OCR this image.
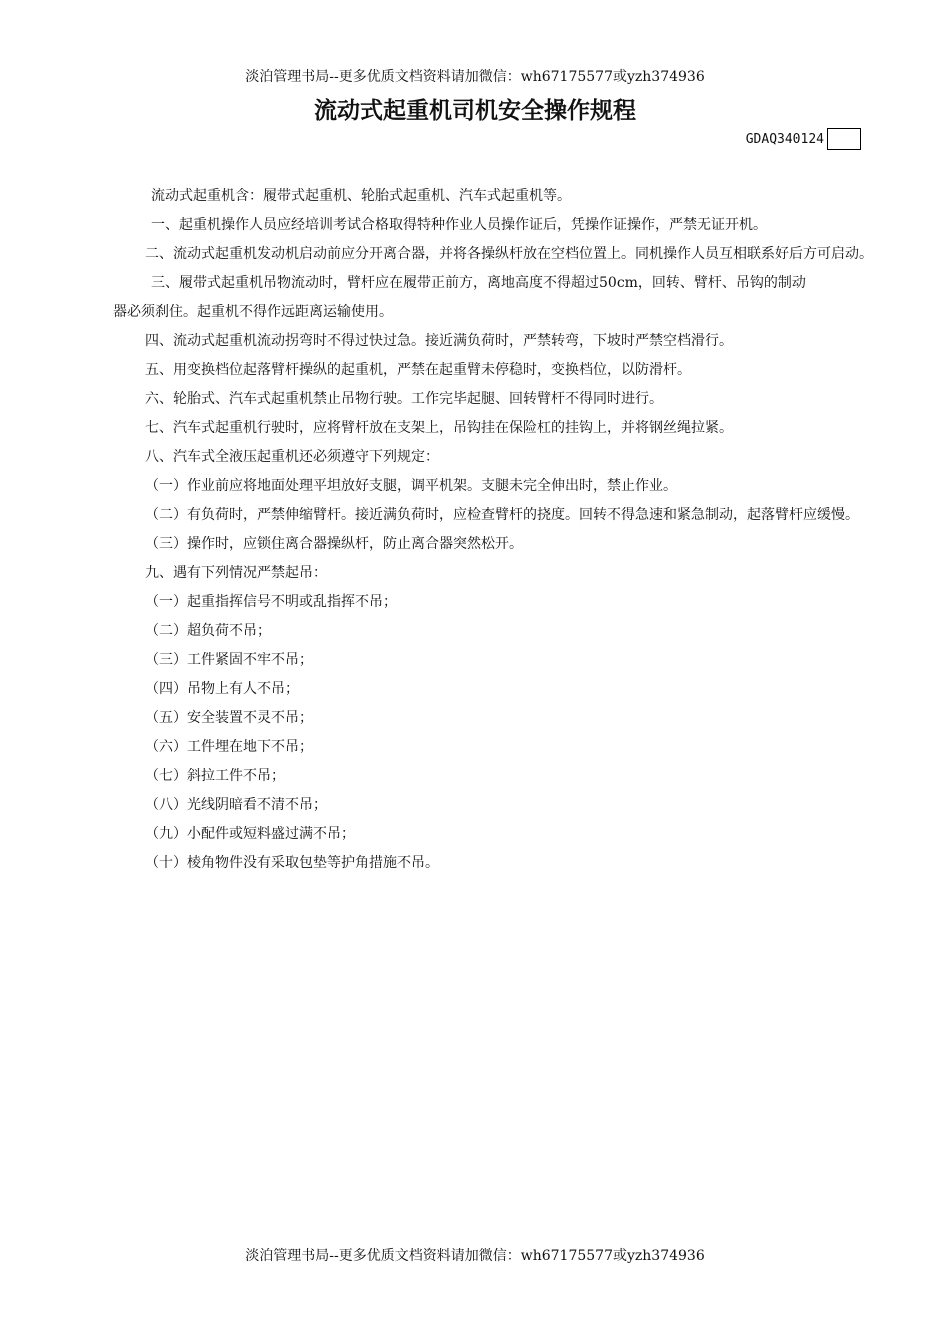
淡泊管理书局--更多优质文档资料请加微信：wh67175577或yzh374936
流动式起重机司机安全操作规程
GDAQ340124

流动式起重机含：履带式起重机、轮胎式起重机、汽车式起重机等。

一、起重机操作人员应经培训考试合格取得特种作业人员操作证后，凭操作证操作，严禁无证开机。

二、流动式起重机发动机启动前应分开离合器，并将各操纵杆放在空档位置上。同机操作人员互相联系好后方可启动。

三、履带式起重机吊物流动时，臂杆应在履带正前方，离地高度不得超过50cm，回转、臂杆、吊钩的制动

器必须刹住。起重机不得作远距离运输使用。

四、流动式起重机流动拐弯时不得过快过急。接近满负荷时，严禁转弯，下坡时严禁空档滑行。

五、用变换档位起落臂杆操纵的起重机，严禁在起重臂未停稳时，变换档位，以防滑杆。

六、轮胎式、汽车式起重机禁止吊物行驶。工作完毕起腿、回转臂杆不得同时进行。

七、汽车式起重机行驶时，应将臂杆放在支架上，吊钩挂在保险杠的挂钩上，并将钢丝绳拉紧。

八、汽车式全液压起重机还必须遵守下列规定：

（一）作业前应将地面处理平坦放好支腿，调平机架。支腿未完全伸出时，禁止作业。

（二）有负荷时，严禁伸缩臂杆。接近满负荷时，应检查臂杆的挠度。回转不得急速和紧急制动，起落臂杆应缓慢。

（三）操作时，应锁住离合器操纵杆，防止离合器突然松开。

九、遇有下列情况严禁起吊：

（一）起重指挥信号不明或乱指挥不吊；

（二）超负荷不吊；

（三）工件紧固不牢不吊；

（四）吊物上有人不吊；

（五）安全装置不灵不吊；

（六）工件埋在地下不吊；

（七）斜拉工件不吊；

（八）光线阴暗看不清不吊；

（九）小配件或短料盛过满不吊；

（十）棱角物件没有采取包垫等护角措施不吊。

淡泊管理书局--更多优质文档资料请加微信：wh67175577或yzh374936
